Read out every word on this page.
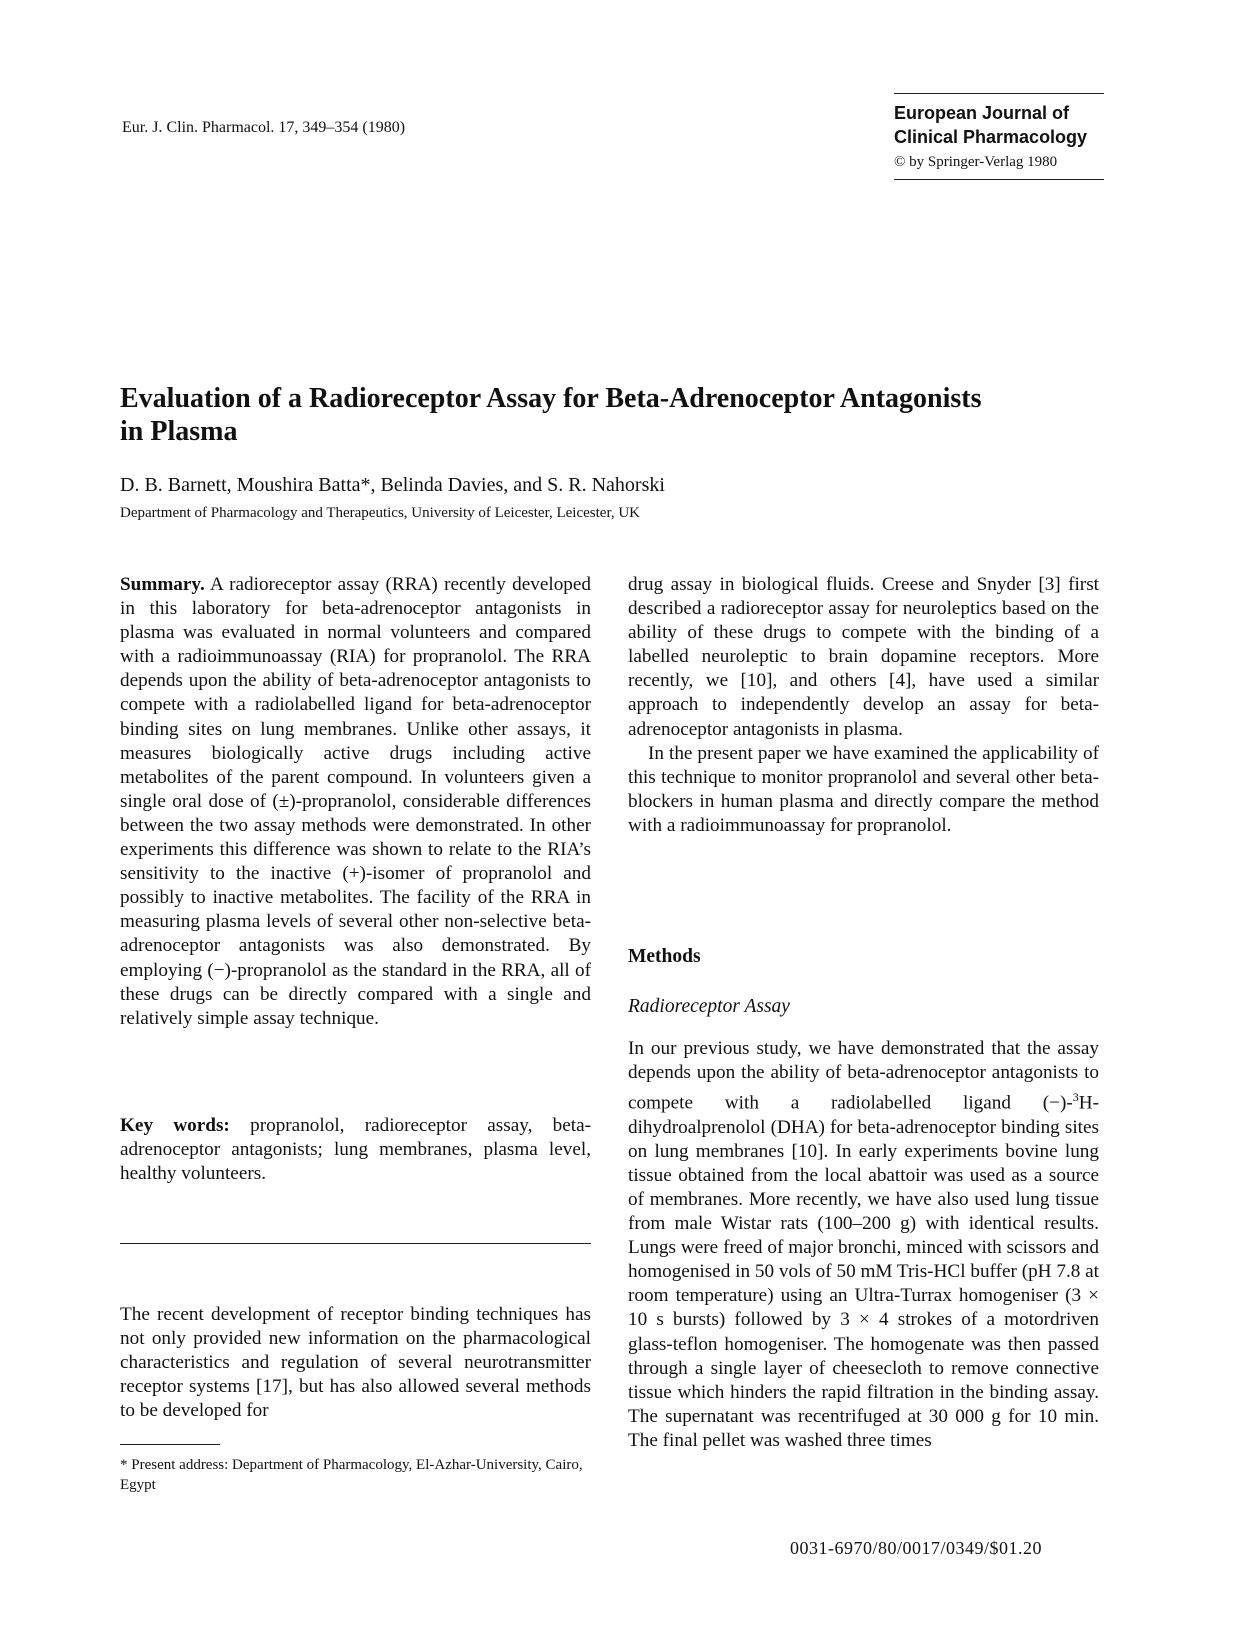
Eur. J. Clin. Pharmacol. 17, 349–354 (1980)
European Journal of
Clinical Pharmacology
© by Springer-Verlag 1980
Evaluation of a Radioreceptor Assay for Beta-Adrenoceptor Antagonists
in Plasma
D. B. Barnett, Moushira Batta*, Belinda Davies, and S. R. Nahorski
Department of Pharmacology and Therapeutics, University of Leicester, Leicester, UK

Summary. A radioreceptor assay (RRA) recently developed in this laboratory for beta-adrenoceptor antagonists in plasma was evaluated in normal volunteers and compared with a radioimmunoassay (RIA) for propranolol. The RRA depends upon the ability of beta-adrenoceptor antagonists to compete with a radiolabelled ligand for beta-adrenoceptor binding sites on lung membranes. Unlike other assays, it measures biologically active drugs including active metabolites of the parent compound. In volunteers given a single oral dose of (±)-propranolol, considerable differences between the two assay methods were demonstrated. In other experiments this difference was shown to relate to the RIA’s sensitivity to the inactive (+)-isomer of propranolol and possibly to inactive metabolites. The facility of the RRA in measuring plasma levels of several other non-selective beta-adrenoceptor antagonists was also demonstrated. By employing (−)-propranolol as the standard in the RRA, all of these drugs can be directly compared with a single and relatively simple assay technique.

Key words: propranolol, radioreceptor assay, beta-adrenoceptor antagonists; lung membranes, plasma level, healthy volunteers.

The recent development of receptor binding techniques has not only provided new information on the pharmacological characteristics and regulation of several neurotransmitter receptor systems [17], but has also allowed several methods to be developed for

* Present address: Department of Pharmacology, El-Azhar-University, Cairo, Egypt

drug assay in biological fluids. Creese and Snyder [3] first described a radioreceptor assay for neuroleptics based on the ability of these drugs to compete with the binding of a labelled neuroleptic to brain dopamine receptors. More recently, we [10], and others [4], have used a similar approach to independently develop an assay for beta-adrenoceptor antagonists in plasma.

In the present paper we have examined the applicability of this technique to monitor propranolol and several other beta-blockers in human plasma and directly compare the method with a radioimmunoassay for propranolol.

Methods
Radioreceptor Assay

In our previous study, we have demonstrated that the assay depends upon the ability of beta-adrenoceptor antagonists to compete with a radiolabelled ligand (−)-$^3$H-dihydroalprenolol (DHA) for beta-adrenoceptor binding sites on lung membranes [10]. In early experiments bovine lung tissue obtained from the local abattoir was used as a source of membranes. More recently, we have also used lung tissue from male Wistar rats (100–200 g) with identical results. Lungs were freed of major bronchi, minced with scissors and homogenised in 50 vols of 50 mM Tris-HCl buffer (pH 7.8 at room temperature) using an Ultra-Turrax homogeniser (3 × 10 s bursts) followed by 3 × 4 strokes of a motordriven glass-teflon homogeniser. The homogenate was then passed through a single layer of cheesecloth to remove connective tissue which hinders the rapid filtration in the binding assay. The supernatant was recentrifuged at 30 000 g for 10 min. The final pellet was washed three times

0031-6970/80/0017/0349/$01.20
